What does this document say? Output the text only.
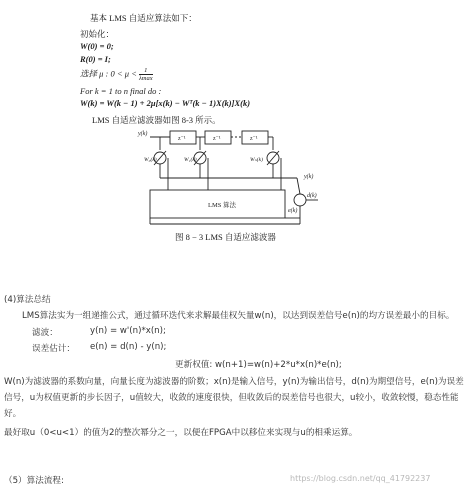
基本 LMS 自适应算法如下：
初始化：
W(0) = 0;
R(0) = I;
选择 μ : $0 < \mu < \frac{1}{\lambda\max}$
For k = 1 to n final do :
W(k) = W(k − 1) + 2μ[x(k) − Wᵀ(k − 1)X(k)]X(k)
LMS 自适应滤波器如图 8-3 所示。
z⁻¹	z⁻¹	z⁻¹
y(k)
W₀(k)	W₁(k)	Wₙ(k)
y(k)
e(k)
d(k)
LMS 算法
图 8 − 3 LMS 自适应滤波器
(4)算法总结
LMS算法实为一组递推公式，通过循环迭代来求解最佳权矢量w(n)，以达到误差信号e(n)的均方误差最小的目标。
滤波：	y(n) = w'(n)*x(n);
误差估计： e(n) = d(n) - y(n);
更新权值: w(n+1)=w(n)+2*u*x(n)*e(n);
W(n)为滤波器的系数向量，向量长度为滤波器的阶数；x(n)是输入信号，y(n)为输出信号，d(n)为期望信号，e(n)为误差信号，u为权值更新的步长因子，u值较大，收敛的速度很快，但收敛后的误差信号也很大，u较小，收敛较慢，稳态性能好。
最好取u（0<u<1）的值为2的整次幂分之一，以便在FPGA中以移位来实现与u的相乘运算。
（5）算法流程:	https://blog.csdn.net/qq_41792237
